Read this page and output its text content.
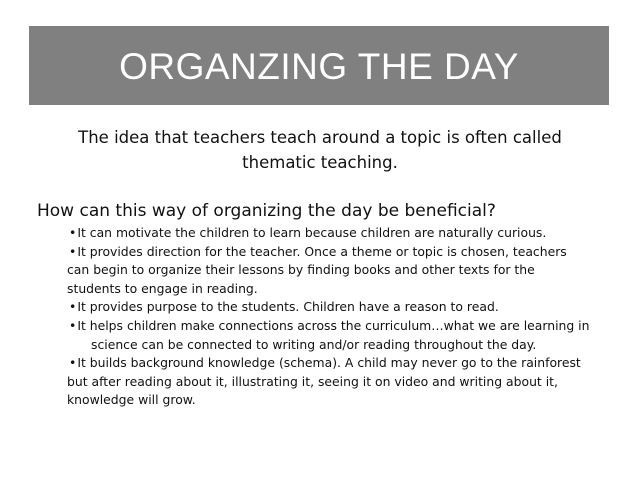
ORGANZING THE DAY
The idea that teachers teach around a topic is often called
thematic teaching.
How can this way of organizing the day be beneficial?
•It can motivate the children to learn because children are naturally curious.
•It provides direction for the teacher. Once a theme or topic is chosen, teachers
can begin to organize their lessons by finding books and other texts for the
students to engage in reading.
•It provides purpose to the students. Children have a reason to read.
•It helps children make connections across the curriculum…what we are learning in
science can be connected to writing and/or reading throughout the day.
•It builds background knowledge (schema). A child may never go to the rainforest
but after reading about it, illustrating it, seeing it on video and writing about it,
knowledge will grow.
